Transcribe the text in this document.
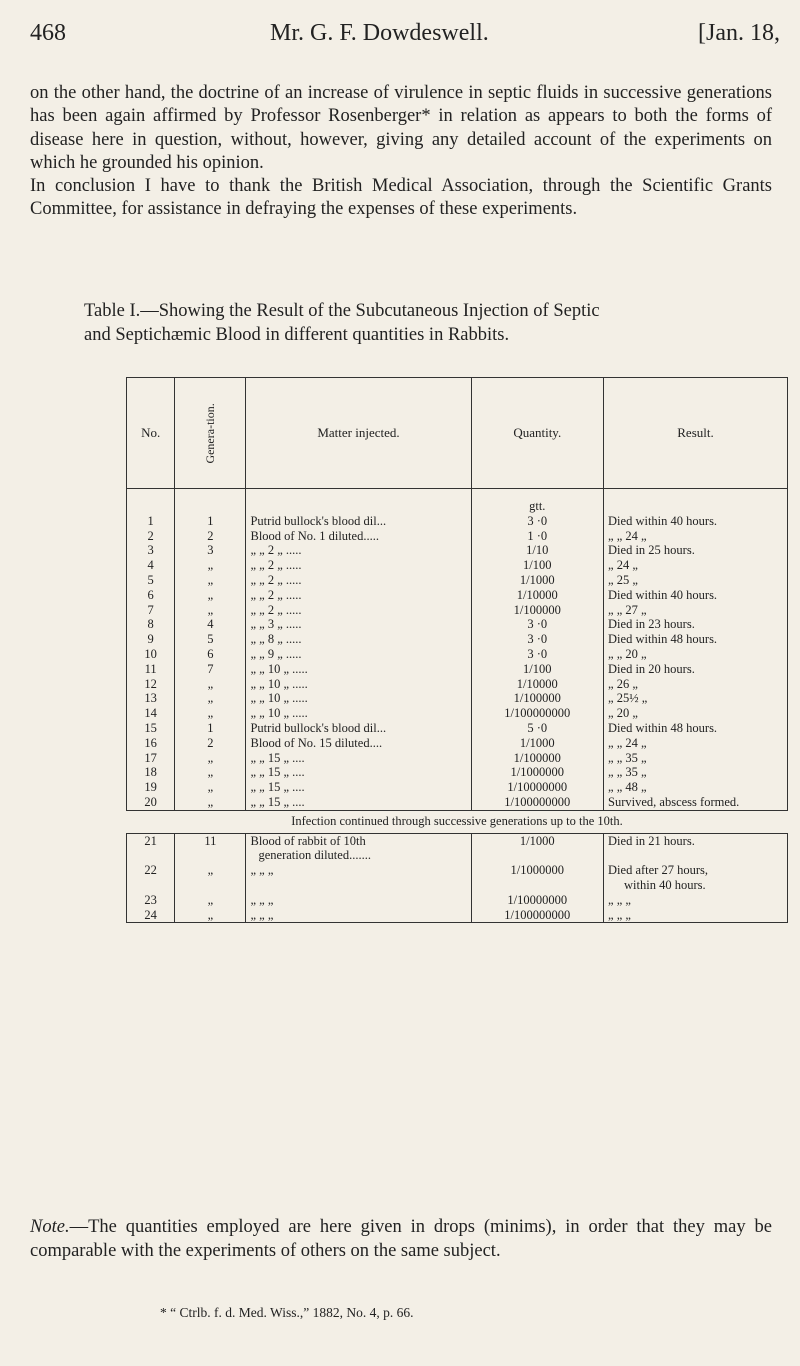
468	Mr. G. F. Dowdeswell.	[Jan. 18,

on the other hand, the doctrine of an increase of virulence in septic fluids in successive generations has been again affirmed by Professor Rosenberger* in relation as appears to both the forms of disease here in question, without, however, giving any detailed account of the experiments on which he grounded his opinion.

In conclusion I have to thank the British Medical Association, through the Scientific Grants Committee, for assistance in defraying the expenses of these experiments.

Table I.—Showing the Result of the Subcutaneous Injection of Septic
and Septichæmic Blood in different quantities in Rabbits.
No.	Genera-tion.	Matter injected.	Quantity.	Result.

			gtt.	
1	1	Putrid bullock's blood dil...	3 ·0	Died within 40 hours.
2	2	Blood of No. 1 diluted.....	1 ·0	„ „ 24 „
3	3	„ „ 2 „ .....	1/10	Died in 25 hours.
4	„	„ „ 2 „ .....	1/100	„ 24 „
5	„	„ „ 2 „ .....	1/1000	„ 25 „
6	„	„ „ 2 „ .....	1/10000	Died within 40 hours.
7	„	„ „ 2 „ .....	1/100000	„ „ 27 „
8	4	„ „ 3 „ .....	3 ·0	Died in 23 hours.
9	5	„ „ 8 „ .....	3 ·0	Died within 48 hours.
10	6	„ „ 9 „ .....	3 ·0	„ „ 20 „
11	7	„ „ 10 „ .....	1/100	Died in 20 hours.
12	„	„ „ 10 „ .....	1/10000	„ 26 „
13	„	„ „ 10 „ .....	1/100000	„ 25½ „
14	„	„ „ 10 „ .....	1/100000000	„ 20 „
15	1	Putrid bullock's blood dil...	5 ·0	Died within 48 hours.
16	2	Blood of No. 15 diluted....	1/1000	„ „ 24 „
17	„	„ „ 15 „ ....	1/100000	„ „ 35 „
18	„	„ „ 15 „ ....	1/1000000	„ „ 35 „
19	„	„ „ 15 „ ....	1/10000000	„ „ 48 „
20	„	„ „ 15 „ ....	1/100000000	Survived, abscess formed.
Infection continued through successive generations up to the 10th.				
21	11	Blood of rabbit of 10th
generation diluted.......	1/1000	Died in 21 hours.

22	„	„ „ „	1/1000000	Died after 27 hours,
within 40 hours.

23	„	„ „ „	1/10000000	„ „ „

24	„	„ „ „	1/100000000	„ „ „
Note.—The quantities employed are here given in drops (minims), in order that they may be comparable with the experiments of others on the same subject.
* “ Ctrlb. f. d. Med. Wiss.,” 1882, No. 4, p. 66.
